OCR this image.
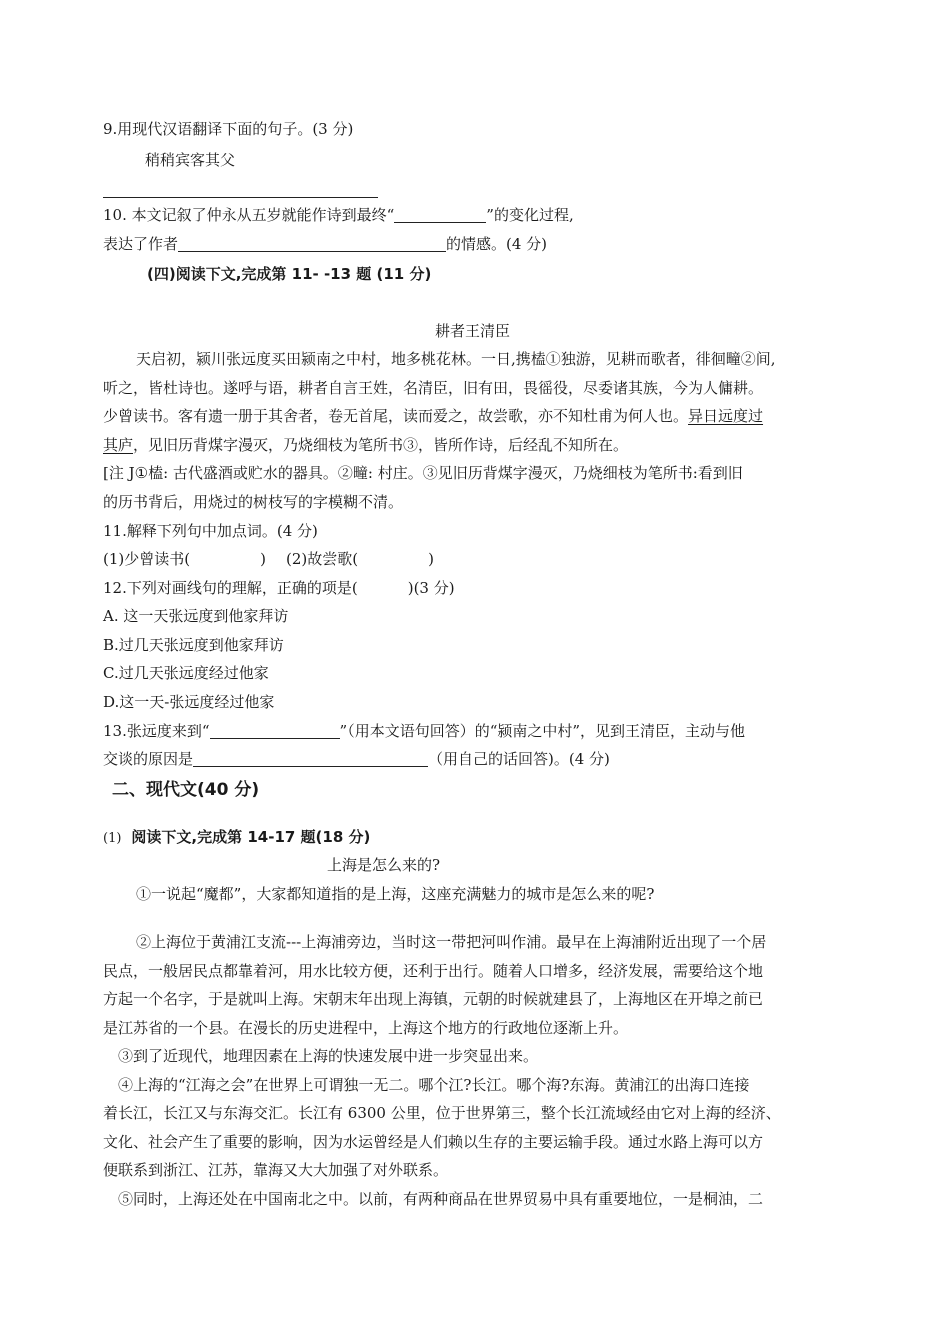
9.用现代汉语翻译下面的句子。(3 分)
稍稍宾客其父
10. 本文记叙了仲永从五岁就能作诗到最终“	”的变化过程,
表达了作者	的情感。(4 分)
(四)阅读下文,完成第 11- -13 题 (11 分)
耕者王清臣
天启初，颍川张远度买田颍南之中村，地多桃花林。一日,携榼①独游，见耕而歌者，徘徊疃②间,
听之，皆杜诗也。遂呼与语，耕者自言王姓，名清臣，旧有田，畏徭役，尽委诸其族，今为人傭耕。
少曾读书。客有遗一册于其舍者，卷无首尾，读而爱之，故尝歌，亦不知杜甫为何人也。异日远度过
其庐，见旧历背煤字漫灭，乃烧细枝为笔所书③，皆所作诗，后经乱不知所在。
[注 J①榼: 古代盛酒或贮水的器具。②疃: 村庄。③见旧历背煤字漫灭，乃烧细枝为笔所书:看到旧
的历书背后，用烧过的树枝写的字模糊不清。
11.解释下列句中加点词。(4 分)
(1)少曾读书(	) (2)故尝歌(	)
12.下列对画线句的理解，正确的项是(	)(3 分)
A. 这一天张远度到他家拜访
B.过几天张远度到他家拜访
C.过几天张远度经过他家
D.这一天-张远度经过他家
13.张远度来到“	”（用本文语句回答）的“颍南之中村”，见到王清臣，主动与他
交谈的原因是	（用自己的话回答)。(4 分)
二、现代文(40 分)
(1) 阅读下文,完成第 14-17 题(18 分)
上海是怎么来的?
①一说起“魔都”，大家都知道指的是上海，这座充满魅力的城市是怎么来的呢?
②上海位于黄浦江支流---上海浦旁边，当时这一带把河叫作浦。最早在上海浦附近出现了一个居
民点，一般居民点都靠着河，用水比较方便，还利于出行。随着人口增多，经济发展，需要给这个地
方起一个名字，于是就叫上海。宋朝末年出现上海镇，元朝的时候就建县了，上海地区在开埠之前已
是江苏省的一个县。在漫长的历史进程中，上海这个地方的行政地位逐渐上升。
③到了近现代，地理因素在上海的快速发展中进一步突显出来。
④上海的“江海之会”在世界上可谓独一无二。哪个江?长江。哪个海?东海。黄浦江的出海口连接
着长江，长江又与东海交汇。长江有 6300 公里，位于世界第三，整个长江流域经由它对上海的经济、
文化、社会产生了重要的影响，因为水运曾经是人们赖以生存的主要运输手段。通过水路上海可以方
便联系到浙江、江苏，靠海又大大加强了对外联系。
⑤同时，上海还处在中国南北之中。以前，有两种商品在世界贸易中具有重要地位，一是桐油，二
